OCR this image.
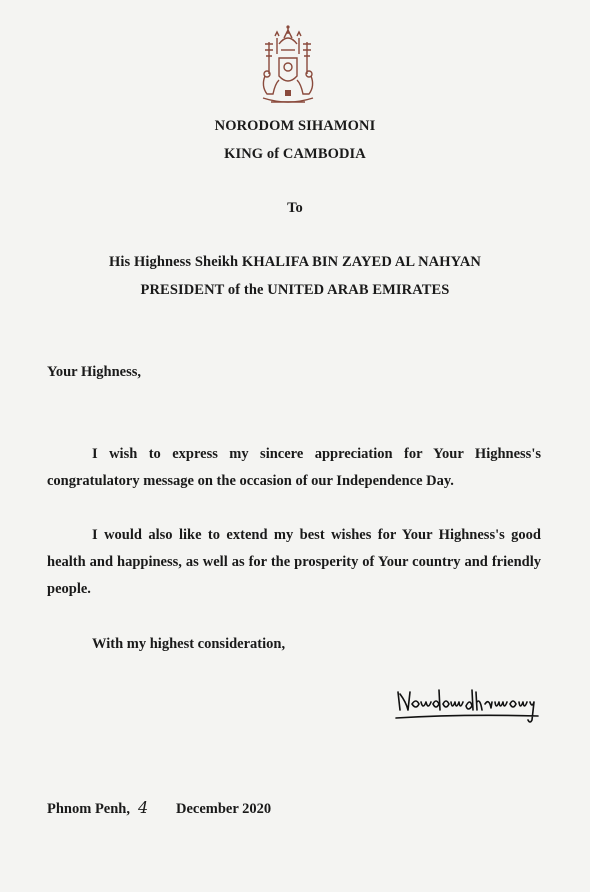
NORODOM SIHAMONI
KING of CAMBODIA
To
His Highness Sheikh KHALIFA BIN ZAYED AL NAHYAN
PRESIDENT of the UNITED ARAB EMIRATES
Your Highness,
I wish to express my sincere appreciation for Your Highness's congratulatory message on the occasion of our Independence Day.
I would also like to extend my best wishes for Your Highness's good health and happiness, as well as for the prosperity of Your country and friendly people.
With my highest consideration,
Phnom Penh, 4 December 2020
